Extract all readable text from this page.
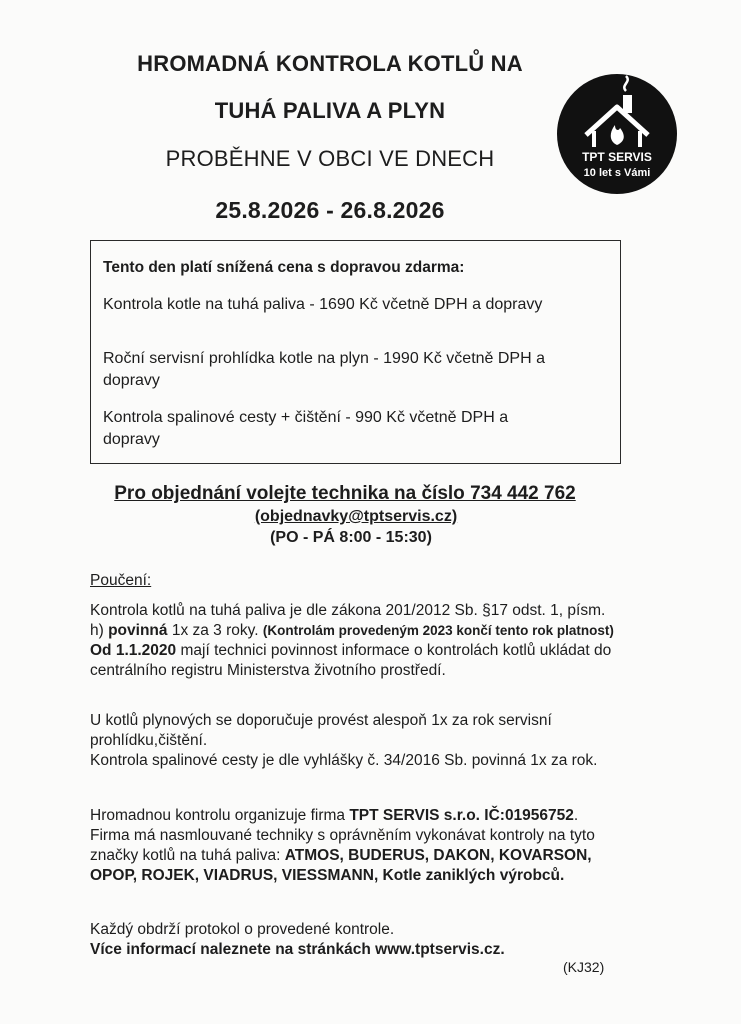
HROMADNÁ KONTROLA KOTLŮ NA
TUHÁ PALIVA A PLYN
PROBĚHNE V OBCI VE DNECH
25.8.2026 - 26.8.2026
TPT SERVIS
10 let s Vámi
Tento den platí snížená cena s dopravou zdarma:
Kontrola kotle na tuhá paliva - 1690 Kč včetně DPH a dopravy
Roční servisní prohlídka kotle na plyn - 1990 Kč včetně DPH a dopravy
Kontrola spalinové cesty + čištění - 990 Kč včetně DPH a dopravy
Pro objednání volejte technika na číslo 734 442 762
(objednavky@tptservis.cz)
(PO - PÁ 8:00 - 15:30)
Poučení:
Kontrola kotlů na tuhá paliva je dle zákona 201/2012 Sb. §17 odst. 1, písm. h) povinná 1x za 3 roky. (Kontrolám provedeným 2023 končí tento rok platnost)
Od 1.1.2020 mají technici povinnost informace o kontrolách kotlů ukládat do centrálního registru Ministerstva životního prostředí.
U kotlů plynových se doporučuje provést alespoň 1x za rok servisní prohlídku,čištění.
Kontrola spalinové cesty je dle vyhlášky č. 34/2016 Sb. povinná 1x za rok.
Hromadnou kontrolu organizuje firma TPT SERVIS s.r.o. IČ:01956752. Firma má nasmlouvané techniky s oprávněním vykonávat kontroly na tyto značky kotlů na tuhá paliva: ATMOS, BUDERUS, DAKON, KOVARSON, OPOP, ROJEK, VIADRUS, VIESSMANN, Kotle zaniklých výrobců.
Každý obdrží protokol o provedené kontrole.
Více informací naleznete na stránkách www.tptservis.cz.
(KJ32)
